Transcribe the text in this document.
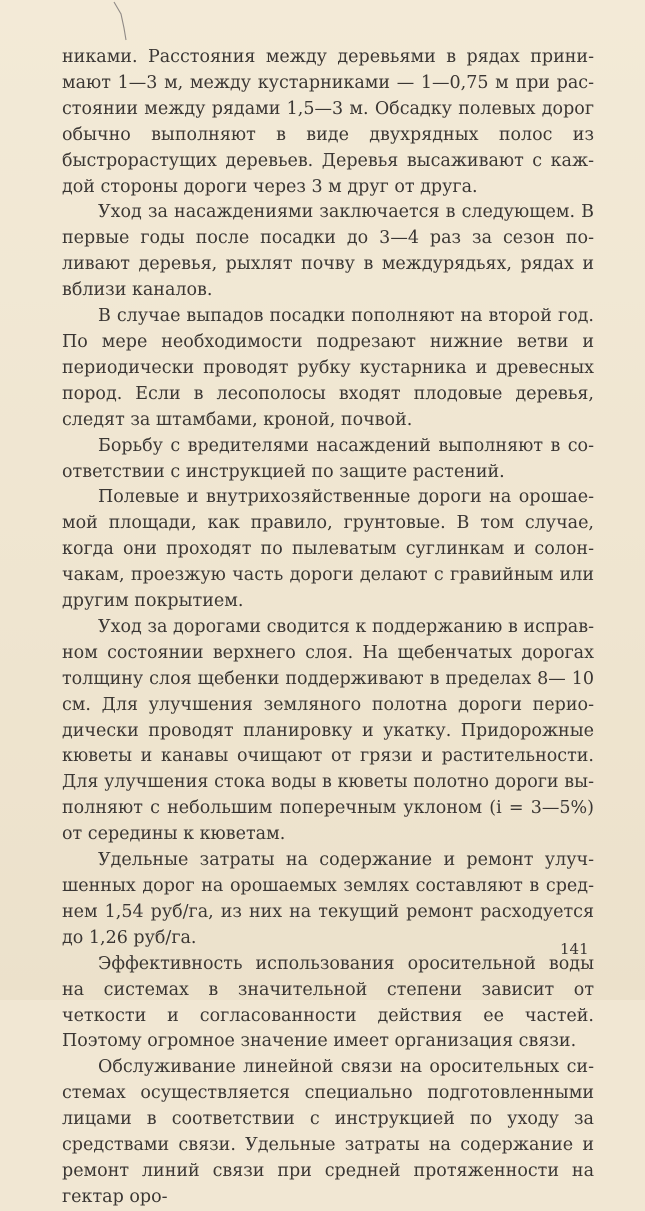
никами. Расстояния между деревьями в рядах принимают 1—3 м, между кустарниками — 1—0,75 м при расстоянии между рядами 1,5—3 м. Обсадку полевых дорог обычно выполняют в виде двухрядных полос из быстрорастущих деревьев. Деревья высаживают с каждой стороны дороги через 3 м друг от друга.

Уход за насаждениями заключается в следующем. В первые годы после посадки до 3—4 раз за сезон поливают деревья, рыхлят почву в междурядьях, рядах и вблизи каналов.

В случае выпадов посадки пополняют на второй год. По мере необходимости подрезают нижние ветви и периодически проводят рубку кустарника и древесных пород. Если в лесополосы входят плодовые деревья, следят за штамбами, кроной, почвой.

Борьбу с вредителями насаждений выполняют в соответствии с инструкцией по защите растений.

Полевые и внутрихозяйственные дороги на орошаемой площади, как правило, грунтовые. В том случае, когда они проходят по пылеватым суглинкам и солончакам, проезжую часть дороги делают с гравийным или другим покрытием.

Уход за дорогами сводится к поддержанию в исправном состоянии верхнего слоя. На щебенчатых дорогах толщину слоя щебенки поддерживают в пределах 8— 10 см. Для улучшения земляного полотна дороги периодически проводят планировку и укатку. Придорожные кюветы и канавы очищают от грязи и растительности. Для улучшения стока воды в кюветы полотно дороги выполняют с небольшим поперечным уклоном (i = 3—5%) от середины к кюветам.

Удельные затраты на содержание и ремонт улучшенных дорог на орошаемых землях составляют в среднем 1,54 руб/га, из них на текущий ремонт расходуется до 1,26 руб/га.

Эффективность использования оросительной воды на системах в значительной степени зависит от четкости и согласованности действия ее частей. Поэтому огромное значение имеет организация связи.

Обслуживание линейной связи на оросительных системах осуществляется специально подготовленными лицами в соответствии с инструкцией по уходу за средствами связи. Удельные затраты на содержание и ремонт линий связи при средней протяженности на гектар оро-

141
